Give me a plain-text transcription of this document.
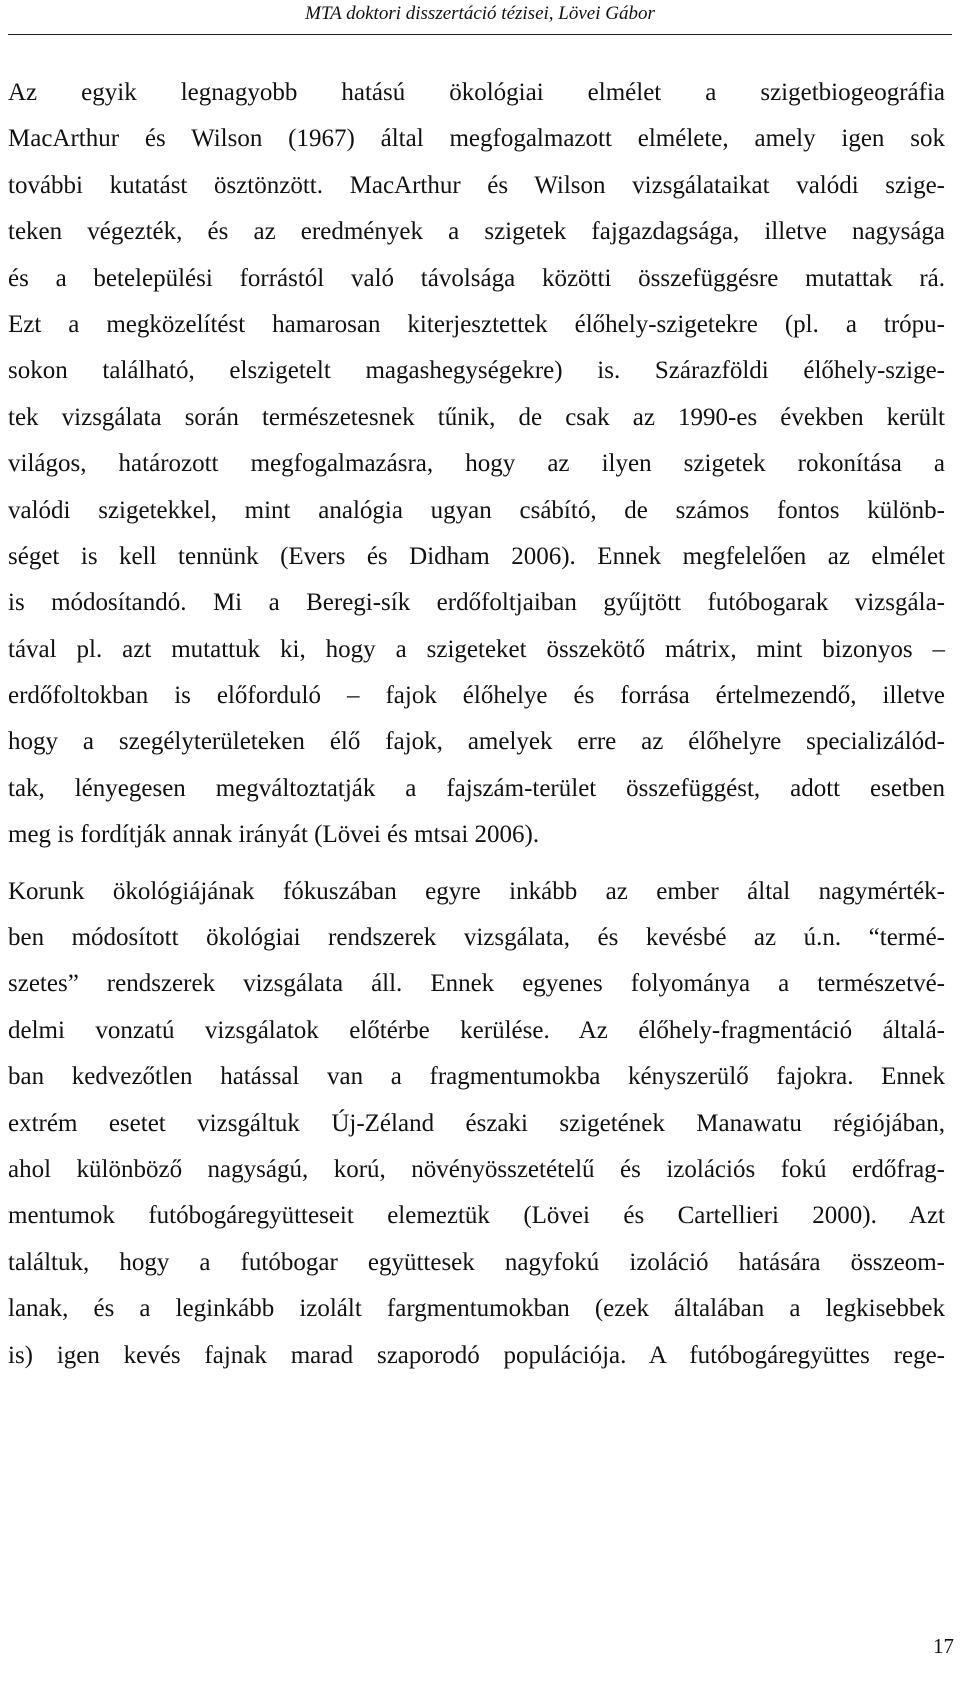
MTA doktori disszertáció tézisei, Lövei Gábor
Az egyik legnagyobb hatású ökológiai elmélet a szigetbiogeográfia
MacArthur és Wilson (1967) által megfogalmazott elmélete, amely igen sok
további kutatást ösztönzött. MacArthur és Wilson vizsgálataikat valódi szige-
teken végezték, és az eredmények a szigetek fajgazdagsága, illetve nagysága
és a betelepülési forrástól való távolsága közötti összefüggésre mutattak rá.
Ezt a megközelítést hamarosan kiterjesztettek élőhely-szigetekre (pl. a trópu-
sokon található, elszigetelt magashegységekre) is. Szárazföldi élőhely-szige-
tek vizsgálata során természetesnek tűnik, de csak az 1990-es években került
világos, határozott megfogalmazásra, hogy az ilyen szigetek rokonítása a
valódi szigetekkel, mint analógia ugyan csábító, de számos fontos különb-
séget is kell tennünk (Evers és Didham 2006). Ennek megfelelően az elmélet
is módosítandó. Mi a Beregi-sík erdőfoltjaiban gyűjtött futóbogarak vizsgála-
tával pl. azt mutattuk ki, hogy a szigeteket összekötő mátrix, mint bizonyos –
erdőfoltokban is előforduló – fajok élőhelye és forrása értelmezendő, illetve
hogy a szegélyterületeken élő fajok, amelyek erre az élőhelyre specializálód-
tak, lényegesen megváltoztatják a fajszám-terület összefüggést, adott esetben
meg is fordítják annak irányát (Lövei és mtsai 2006).
Korunk ökológiájának fókuszában egyre inkább az ember által nagymérték-
ben módosított ökológiai rendszerek vizsgálata, és kevésbé az ú.n. “termé-
szetes” rendszerek vizsgálata áll. Ennek egyenes folyománya a természetvé-
delmi vonzatú vizsgálatok előtérbe kerülése. Az élőhely-fragmentáció általá-
ban kedvezőtlen hatással van a fragmentumokba kényszerülő fajokra. Ennek
extrém esetet vizsgáltuk Új-Zéland északi szigetének Manawatu régiójában,
ahol különböző nagyságú, korú, növényösszetételű és izolációs fokú erdőfrag-
mentumok futóbogáregyütteseit elemeztük (Lövei és Cartellieri 2000). Azt
találtuk, hogy a futóbogar együttesek nagyfokú izoláció hatására összeom-
lanak, és a leginkább izolált fargmentumokban (ezek általában a legkisebbek
is) igen kevés fajnak marad szaporodó populációja. A futóbogáregyüttes rege-
17
